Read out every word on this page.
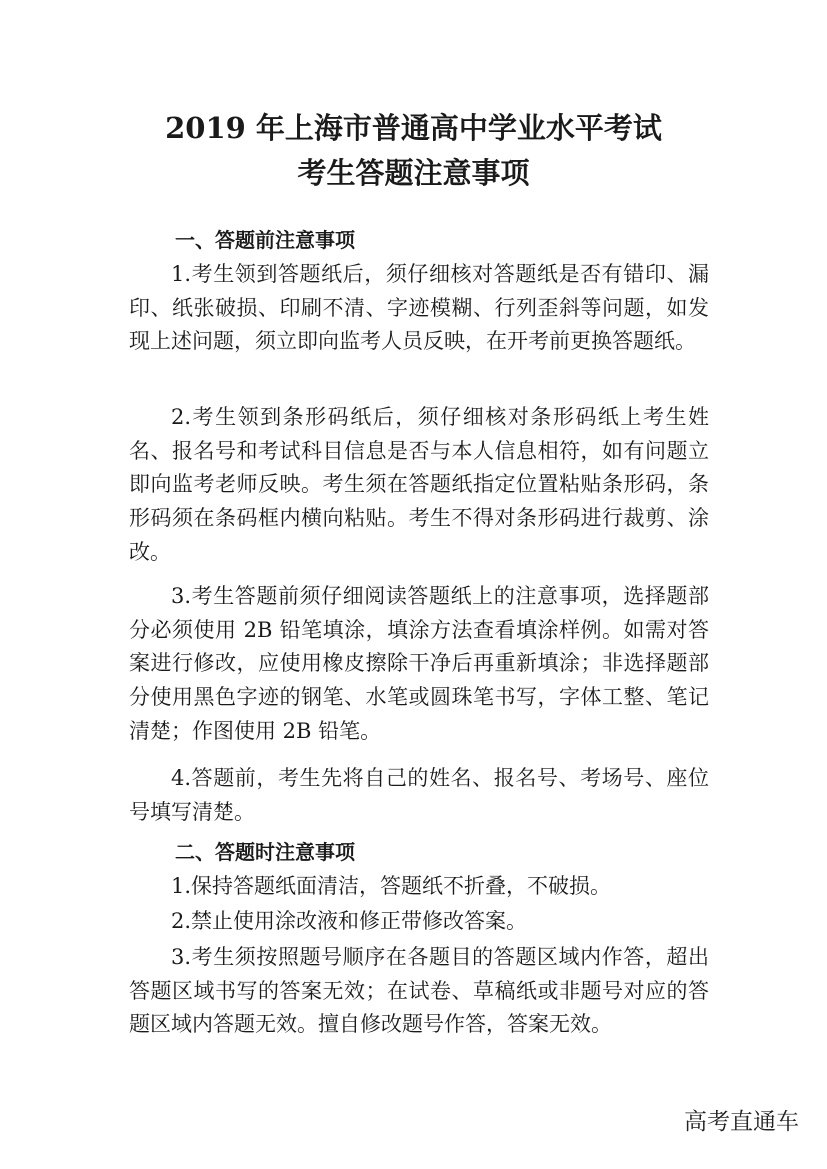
2019 年上海市普通高中学业水平考试
考生答题注意事项
一、答题前注意事项

1.考生领到答题纸后，须仔细核对答题纸是否有错印、漏印、纸张破损、印刷不清、字迹模糊、行列歪斜等问题，如发现上述问题，须立即向监考人员反映，在开考前更换答题纸。

2.考生领到条形码纸后，须仔细核对条形码纸上考生姓名、报名号和考试科目信息是否与本人信息相符，如有问题立即向监考老师反映。考生须在答题纸指定位置粘贴条形码，条形码须在条码框内横向粘贴。考生不得对条形码进行裁剪、涂改。

3.考生答题前须仔细阅读答题纸上的注意事项，选择题部分必须使用 2B 铅笔填涂，填涂方法查看填涂样例。如需对答案进行修改，应使用橡皮擦除干净后再重新填涂；非选择题部分使用黑色字迹的钢笔、水笔或圆珠笔书写，字体工整、笔记清楚；作图使用 2B 铅笔。

4.答题前，考生先将自己的姓名、报名号、考场号、座位号填写清楚。

二、答题时注意事项

1.保持答题纸面清洁，答题纸不折叠，不破损。

2.禁止使用涂改液和修正带修改答案。

3.考生须按照题号顺序在各题目的答题区域内作答，超出答题区域书写的答案无效；在试卷、草稿纸或非题号对应的答题区域内答题无效。擅自修改题号作答，答案无效。

高考直通车
